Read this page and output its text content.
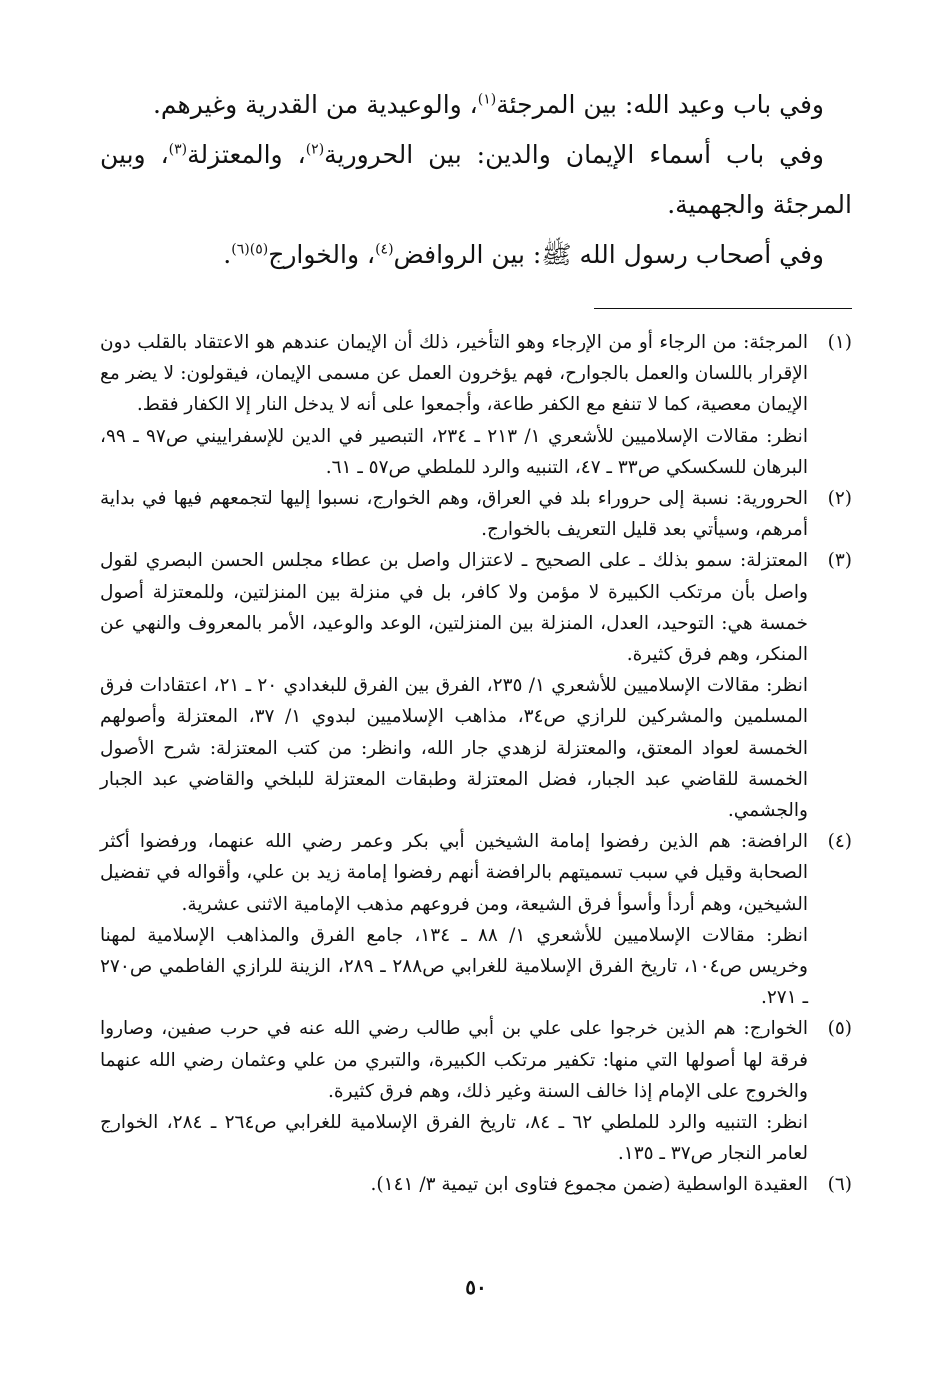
وفي باب وعيد الله: بين المرجئة$^{(١)}$، والوعيدية من القدرية وغيرهم.

وفي باب أسماء الإيمان والدين: بين الحرورية$^{(٢)}$، والمعتزلة$^{(٣)}$، وبين المرجئة والجهمية.

وفي أصحاب رسول الله ﷺ: بين الروافض$^{(٤)}$، والخوارج$^{(٥)(٦)}$.

(١)

المرجئة: من الرجاء أو من الإرجاء وهو التأخير، ذلك أن الإيمان عندهم هو الاعتقاد بالقلب دون الإقرار باللسان والعمل بالجوارح، فهم يؤخرون العمل عن مسمى الإيمان، فيقولون: لا يضر مع الإيمان معصية، كما لا تنفع مع الكفر طاعة، وأجمعوا على أنه لا يدخل النار إلا الكفار فقط.

انظر: مقالات الإسلاميين للأشعري ١/ ٢١٣ ـ ٢٣٤، التبصير في الدين للإسفراييني ص٩٧ ـ ٩٩، البرهان للسكسكي ص٣٣ ـ ٤٧، التنبيه والرد للملطي ص٥٧ ـ ٦١.

(٢)

الحرورية: نسبة إلى حروراء بلد في العراق، وهم الخوارج، نسبوا إليها لتجمعهم فيها في بداية أمرهم، وسيأتي بعد قليل التعريف بالخوارج.

(٣)

المعتزلة: سمو بذلك ـ على الصحيح ـ لاعتزال واصل بن عطاء مجلس الحسن البصري لقول واصل بأن مرتكب الكبيرة لا مؤمن ولا كافر، بل في منزلة بين المنزلتين، وللمعتزلة أصول خمسة هي: التوحيد، العدل، المنزلة بين المنزلتين، الوعد والوعيد، الأمر بالمعروف والنهي عن المنكر، وهم فرق كثيرة.

انظر: مقالات الإسلاميين للأشعري ١/ ٢٣٥، الفرق بين الفرق للبغدادي ٢٠ ـ ٢١، اعتقادات فرق المسلمين والمشركين للرازي ص٣٤، مذاهب الإسلاميين لبدوي ١/ ٣٧، المعتزلة وأصولهم الخمسة لعواد المعتق، والمعتزلة لزهدي جار الله، وانظر: من كتب المعتزلة: شرح الأصول الخمسة للقاضي عبد الجبار، فضل المعتزلة وطبقات المعتزلة للبلخي والقاضي عبد الجبار والجشمي.

(٤)

الرافضة: هم الذين رفضوا إمامة الشيخين أبي بكر وعمر رضي الله عنهما، ورفضوا أكثر الصحابة وقيل في سبب تسميتهم بالرافضة أنهم رفضوا إمامة زيد بن علي، وأقواله في تفضيل الشيخين، وهم أردأ وأسوأ فرق الشيعة، ومن فروعهم مذهب الإمامية الاثنى عشرية.

انظر: مقالات الإسلاميين للأشعري ١/ ٨٨ ـ ١٣٤، جامع الفرق والمذاهب الإسلامية لمهنا وخريس ص١٠٤، تاريخ الفرق الإسلامية للغرابي ص٢٨٨ ـ ٢٨٩، الزينة للرازي الفاطمي ص٢٧٠ ـ ٢٧١.

(٥)

الخوارج: هم الذين خرجوا على علي بن أبي طالب رضي الله عنه في حرب صفين، وصاروا فرقة لها أصولها التي منها: تكفير مرتكب الكبيرة، والتبري من علي وعثمان رضي الله عنهما والخروج على الإمام إذا خالف السنة وغير ذلك، وهم فرق كثيرة.

انظر: التنبيه والرد للملطي ٦٢ ـ ٨٤، تاريخ الفرق الإسلامية للغرابي ص٢٦٤ ـ ٢٨٤، الخوارج لعامر النجار ص٣٧ ـ ١٣٥.

(٦)

العقيدة الواسطية (ضمن مجموع فتاوى ابن تيمية ٣/ ١٤١).

٥٠
